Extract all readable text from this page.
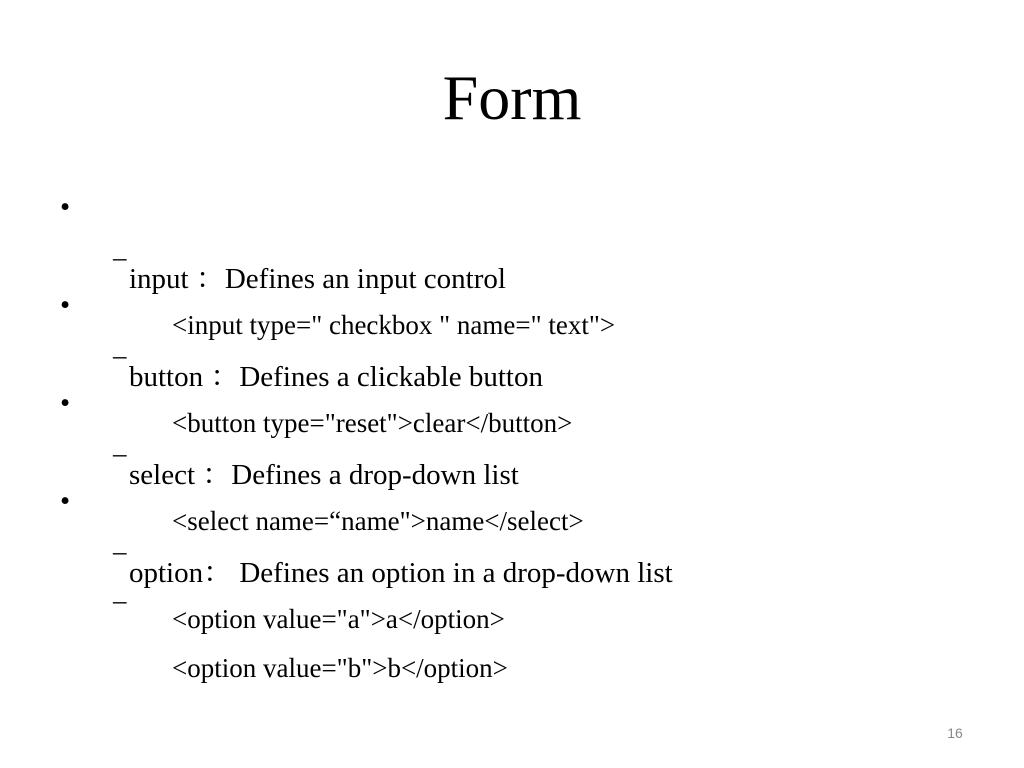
Form

•

input ：Defines an input control

–

<input type=" checkbox " name=" text">

•

button ：Defines a clickable button

–

<button type="reset">clear</button>

•

select ：Defines a drop-down list

–

<select name=“name">name</select>

•

option： Defines an option in a drop-down list

–

<option value="a">a</option>

–

<option value="b">b</option>

16
